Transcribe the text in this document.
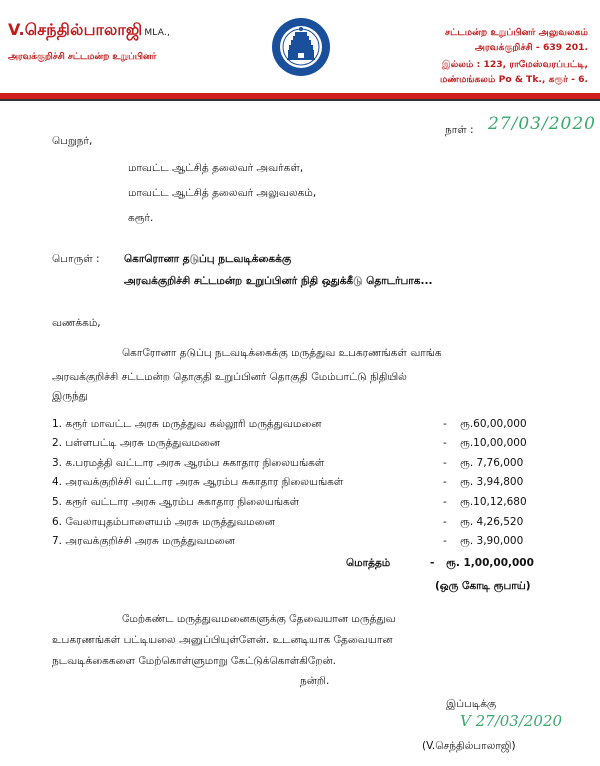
V.செந்தில்பாலாஜி MLA.,
அரவக்குறிச்சி சட்டமன்ற உறுப்பினர்
சட்டமன்ற உறுப்பினர் அலுவலகம்
அரவக்குறிச்சி - 639 201.
இல்லம் : 123, ராமேஸ்வரப்பட்டி,
மண்மங்கலம் Po & Tk., கரூர் - 6.
நாள் : 27/03/2020
பெறுநர்,
மாவட்ட ஆட்சித் தலைவர் அவர்கள்,
மாவட்ட ஆட்சித் தலைவர் அலுவலகம்,
கரூர்.
பொருள் : கொரொனா தடுப்பு நடவடிக்கைக்கு
அரவக்குறிச்சி சட்டமன்ற உறுப்பினர் நிதி ஒதுக்கீடு தொடர்பாக...
வணக்கம்,
கொரோனா தடுப்பு நடவடிக்கைக்கு மருத்துவ உபகரணங்கள் வாங்க
அரவக்குறிச்சி சட்டமன்ற தொகுதி உறுப்பினர் தொகுதி மேம்பாட்டு நிதியில்
இருந்து
1. கரூர் மாவட்ட அரசு மருத்துவ கல்லூரி மருத்துவமனை	- ரூ.60,00,000
2. பள்ளபட்டி அரசு மருத்துவமனை	- ரூ.10,00,000
3. க.பரமத்தி வட்டார அரசு ஆரம்ப சுகாதார நிலையங்கள்	- ரூ. 7,76,000
4. அரவக்குறிச்சி வட்டார அரசு ஆரம்ப சுகாதார நிலையங்கள்	- ரூ. 3,94,800
5. கரூர் வட்டார அரசு ஆரம்ப சுகாதார நிலையங்கள்	- ரூ.10,12,680
6. வேலாயுதம்பாளையம் அரசு மருத்துவமனை	- ரூ. 4,26,520
7. அரவக்குறிச்சி அரசு மருத்துவமனை	- ரூ. 3,90,000
மொத்தம்	- ரூ. 1,00,00,000
(ஒரு கோடி ரூபாய்)
மேற்கண்ட மருத்துவமனைகளுக்கு தேவையான மருத்துவ
உபகரணங்கள் பட்டியலை அனுப்பியுள்ளேன். உடனடியாக தேவையான
நடவடிக்கைகளை மேற்கொள்ளுமாறு கேட்டுக்கொள்கிறேன்.
நன்றி.
இப்படிக்கு
V 27/03/2020
(V.செந்தில்பாலாஜி)
